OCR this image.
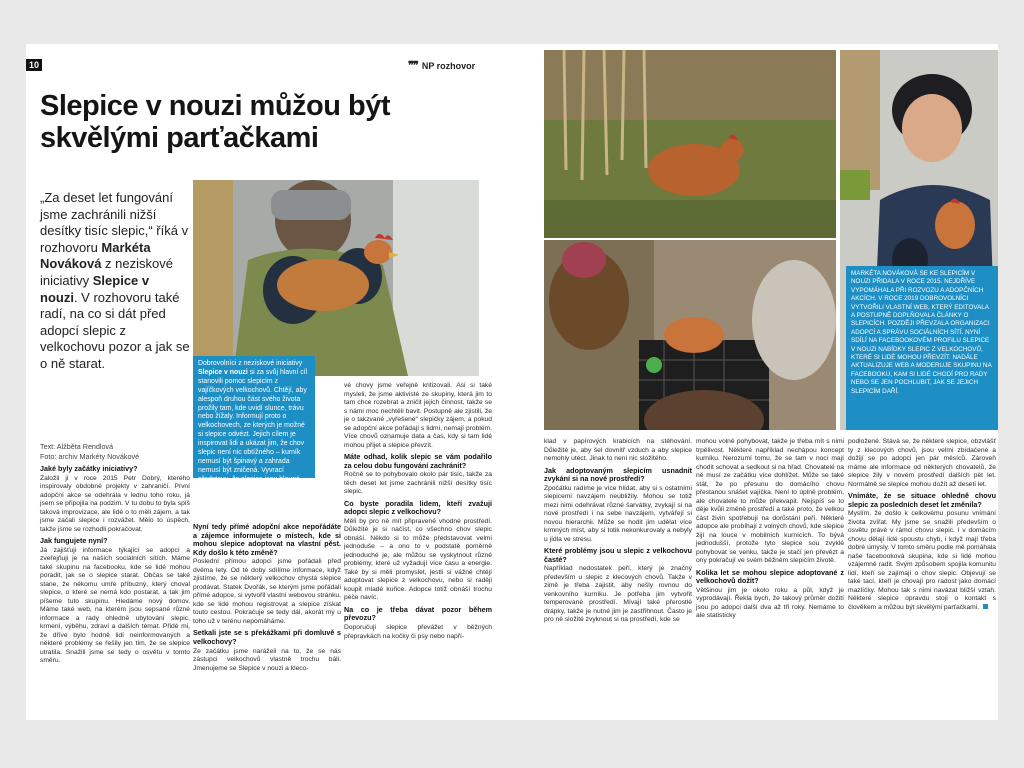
10	❞❞ NP rozhovor
Slepice v nouzi můžou být skvělými parťačkami
„Za deset let fungování jsme zachránili nižší desítky tisíc slepic,“ říká v rozhovoru Markéta Nováková z neziskové iniciativy Slepice v nouzi. V rozhovoru také radí, na co si dát před adopcí slepic z velkochovu pozor a jak se o ně starat.
Text: Alžběta Rendlová
Foto: archiv Markéty Novákové
Dobrovolníci z neziskové iniciativy Slepice v nouzi si za svůj hlavní cíl stanovili pomoc slepicím z vajíčkových velkochovů. Chtějí, aby alespoň druhou část svého života prožily tam, kde uvidí slunce, trávu nebo žížaly. Informují proto o velkochovech, ze kterých je možné si slepice odvézt. Jejich cílem je inspirovat lidi a ukázat jim, že chov slepic není nic obtížného – kurník nemusí být špinavý a zahrada nemusí být zničená. Vyvrací představu, že slepice jsou hloupá zvířata, a chtějí jim dopřát důstojnější životní podmínky.
Jaké byly začátky iniciativy?

Založil ji v roce 2015 Petr Dobrý, kterého inspirovaly obdobné projekty v zahraničí. První adopční akce se odehrála v lednu toho roku, já jsem se připojila na podzim. V tu dobu to byla spíš taková improvizace, ale lidé o to měli zájem, a tak jsme začali slepice i rozvážet. Mělo to úspěch, takže jsme se rozhodli pokračovat.

Jak fungujete nyní?

Já zajišťuji informace týkající se adopcí a zveřejňuji je na našich sociálních sítích. Máme také skupinu na facebooku, kde se lidé mohou poradit, jak se o slepice starat. Občas se také stane, že někomu umře příbuzný, který choval slepice, o které se nemá kdo postarat, a tak jim píšeme tuto skupinu. Hledáme nový domov. Máme také web, na kterém jsou sepsané různé informace a rady ohledně ubytování slepic, krmení, výběhu, zdraví a dalších témat. Přidě mi, že dříve bylo hodně lidí neinformovaných a některé problémy se řešily jen tím, že se slepice utratila. Snažili jsme se tedy o osvětu v tomto směru.

Nyní tedy přímé adopční akce nepořádáte a zájemce informujete o místech, kde si mohou slepice adoptovat na vlastní pěst. Kdy došlo k této změně?

Poslední přímou adopci jsme pořádali před dvěma lety. Od té doby sdílíme informace, když zjistíme, že se některý velkochov chystá slepice prodávat. Statek Dvořák, se kterým jsme pořádali přímé adopce, si vytvořil vlastní webovou stránku, kde se lidé mohou registrovat a slepice získat touto cestou. Pokračuje se tedy dál, akorát my u toho už v terénu nepomáháme.

Setkali jste se s překážkami při domluvě s velkochovy?

Ze začátku jsme naráželi na to, že se nás zástupci velkochovů vlastně trochu báli. Jmenujeme se Slepice v nouzi a kleco-

vé chovy jsme veřejně kritizovali. Asi si také mysleli, že jsme aktivisté ze skupiny, která jim to tam chce rozebrat a zničit jejich činnost, takže se s námi moc nechtěli bavit. Postupně ale zjistili, že je o takzvané „vyřešené“ slepičky zájem, a pokud se adopční akce pořádají s lidmi, nemají problém. Více chovů oznamuje data a čas, kdy si tam lidé mohou přijet a slepice převzít.

Máte odhad, kolik slepic se vám podařilo za celou dobu fungování zachránit?

Ročně se to pohybovalo okolo pár tisíc, takže za těch deset let jsme zachránili nižší desítky tisíc slepic.

Co byste poradila lidem, kteří zvažují adopci slepic z velkochovu?

Měli by pro ně mít připravené vhodné prostředí. Důležité je si načíst, co všechno chov slepic obnáší. Někdo si to může představovat velmi jednoduše – a ono to v podstatě poměrně jednoduché je, ale můžou se vyskytnout různé problémy, které už vyžadují více času a energie. Také by si měli promyslet, jestli si vážně chtějí adoptovat slepice z velkochovu, nebo si raději koupit mladé kuřice. Adopce totiž obnáší trochu péče navíc.

Na co je třeba dávat pozor během převozu?

Doporučuji slepice převážet v běžných přepravkách na kočky či psy nebo napří-

MARKÉTA NOVÁKOVÁ SE KE SLEPICÍM V NOUZI PŘIDALA V ROCE 2015. NEJDŘÍVE VYPOMÁHALA PŘI ROZVOZU A ADOPČNÍCH AKCÍCH. V ROCE 2019 DOBROVOLNÍCI VYTVOŘILI VLASTNÍ WEB, KTERÝ EDITOVALA A POSTUPNĚ DOPLŇOVALA ČLÁNKY O SLEPICÍCH. POZDĚJI PŘEVZALA ORGANIZACI ADOPCÍ A SPRÁVU SOCIÁLNÍCH SÍTÍ. NYNÍ SDÍLÍ NA FACEBOOKOVÉM PROFILU SLEPICE V NOUZI NABÍDKY SLEPIC Z VELKOCHOVŮ, KTERÉ SI LIDÉ MOHOU PŘEVZÍT. NADÁLE AKTUALIZUJE WEB A MODERUJE SKUPINU NA FACEBOOKU, KAM SI LIDÉ CHODÍ PRO RADY NEBO SE JEN POCHLUBIT, JAK SE JEJICH SLEPICÍM DAŘÍ.

klad v papírových krabicích na stěhování. Důležité je, aby šel dovnitř vzduch a aby slepice nemohly utéct. Jinak to není nic složitého.

Jak adoptovaným slepicím usnadnit zvykání si na nové prostředí?

Zpočátku radíme je více hlídat, aby si s ostatními slepicemi navzájem neubližily. Mohou se totiž mezi nimi odehrávat různé šarvátky, zvykají si na nové prostředí i na sebe navzájem, vytvářejí si novou hierarchii. Může se hodit jim udělat více krmných míst, aby si totik nekonkurovaly a nebyly u jídla ve stresu.

Které problémy jsou u slepic z velkochovu časté?

Například nedostatek peří, který je značný především u slepic z klecových chovů. Takže v zimě je třeba zajistit, aby nešly rovnou do venkovního kurníku. Je potřeba jim vytvořit temperované prostředí. Mívají také přerostlé drápky, takže je nutné jim je zastřihnout. Často je pro ně složité zvyknout si na prostředí, kde se

mohou volně pohybovat, takže je třeba mít s nimi trpělivost. Některé například nechápou koncept kurníku. Nerozumí tomu, že se tam v noci mají chodit schovat a sedkout si na hřad. Chovatelé na ně musí ze začátku více dohlížet. Může se také stát, že po přesunu do domácího chovu přestanou snášet vajíčka. Není to úplně problém, ale chovatele to může překvapit. Nejspíš se to děje kvůli změně prostředí a také proto, že velkou část živin spotřebují na dorůstání peří. Některé adopce ale probíhají z volných chovů, kde slepice žijí na louce v mobilních kurnících. To bývá jednodušší, protože tyto slepice sou zvyklé pohybovat se venku, takže je stačí jen převézt a ony pokračují ve svém běžném slepičím životě.

Kolika let se mohou slepice adoptované z velkochovů dožít?

Většinou jim je okolo roku a půl, když je vyprodávají. Řekla bych, že takový průměr dožití jsou po adopci další dva až tři roky. Nemáme to ale statisticky

podložené. Stává se, že některé slepice, obzvlášť ty z klecových chovů, jsou velmi zbídačené a dožijí se po adopci jen pár měsíců. Zároveň máme ale informace od některých chovatelů, že slepice žily v novém prostředí dalších pět let. Normálně se slepice mohou dožít až deseti let.

Vnímáte, že se situace ohledně chovu slepic za posledních deset let změnila?

Myslím, že došlo k celkovému posunu vnímání života zvířat. My jsme se snažili především o osvětu právě v rámci chovu slepic. I v domácím chovu dělají lidé spoustu chyb, i když mají třeba dobré úmysly. V tomto směru podle mě pomáhala naše facebooková skupina, kde si lidé mohou vzájemně radit. Svým způsobem spojila komunitu lidí, kteří se zajímají o chov slepic. Objevují se také tací, kteří je chovají pro radost jako domácí mazlíčky. Mohou tak s nimi navázat bližší vztah. Některé slepice opravdu stojí o kontakt s člověkem a můžou být skvělými parťačkami.
